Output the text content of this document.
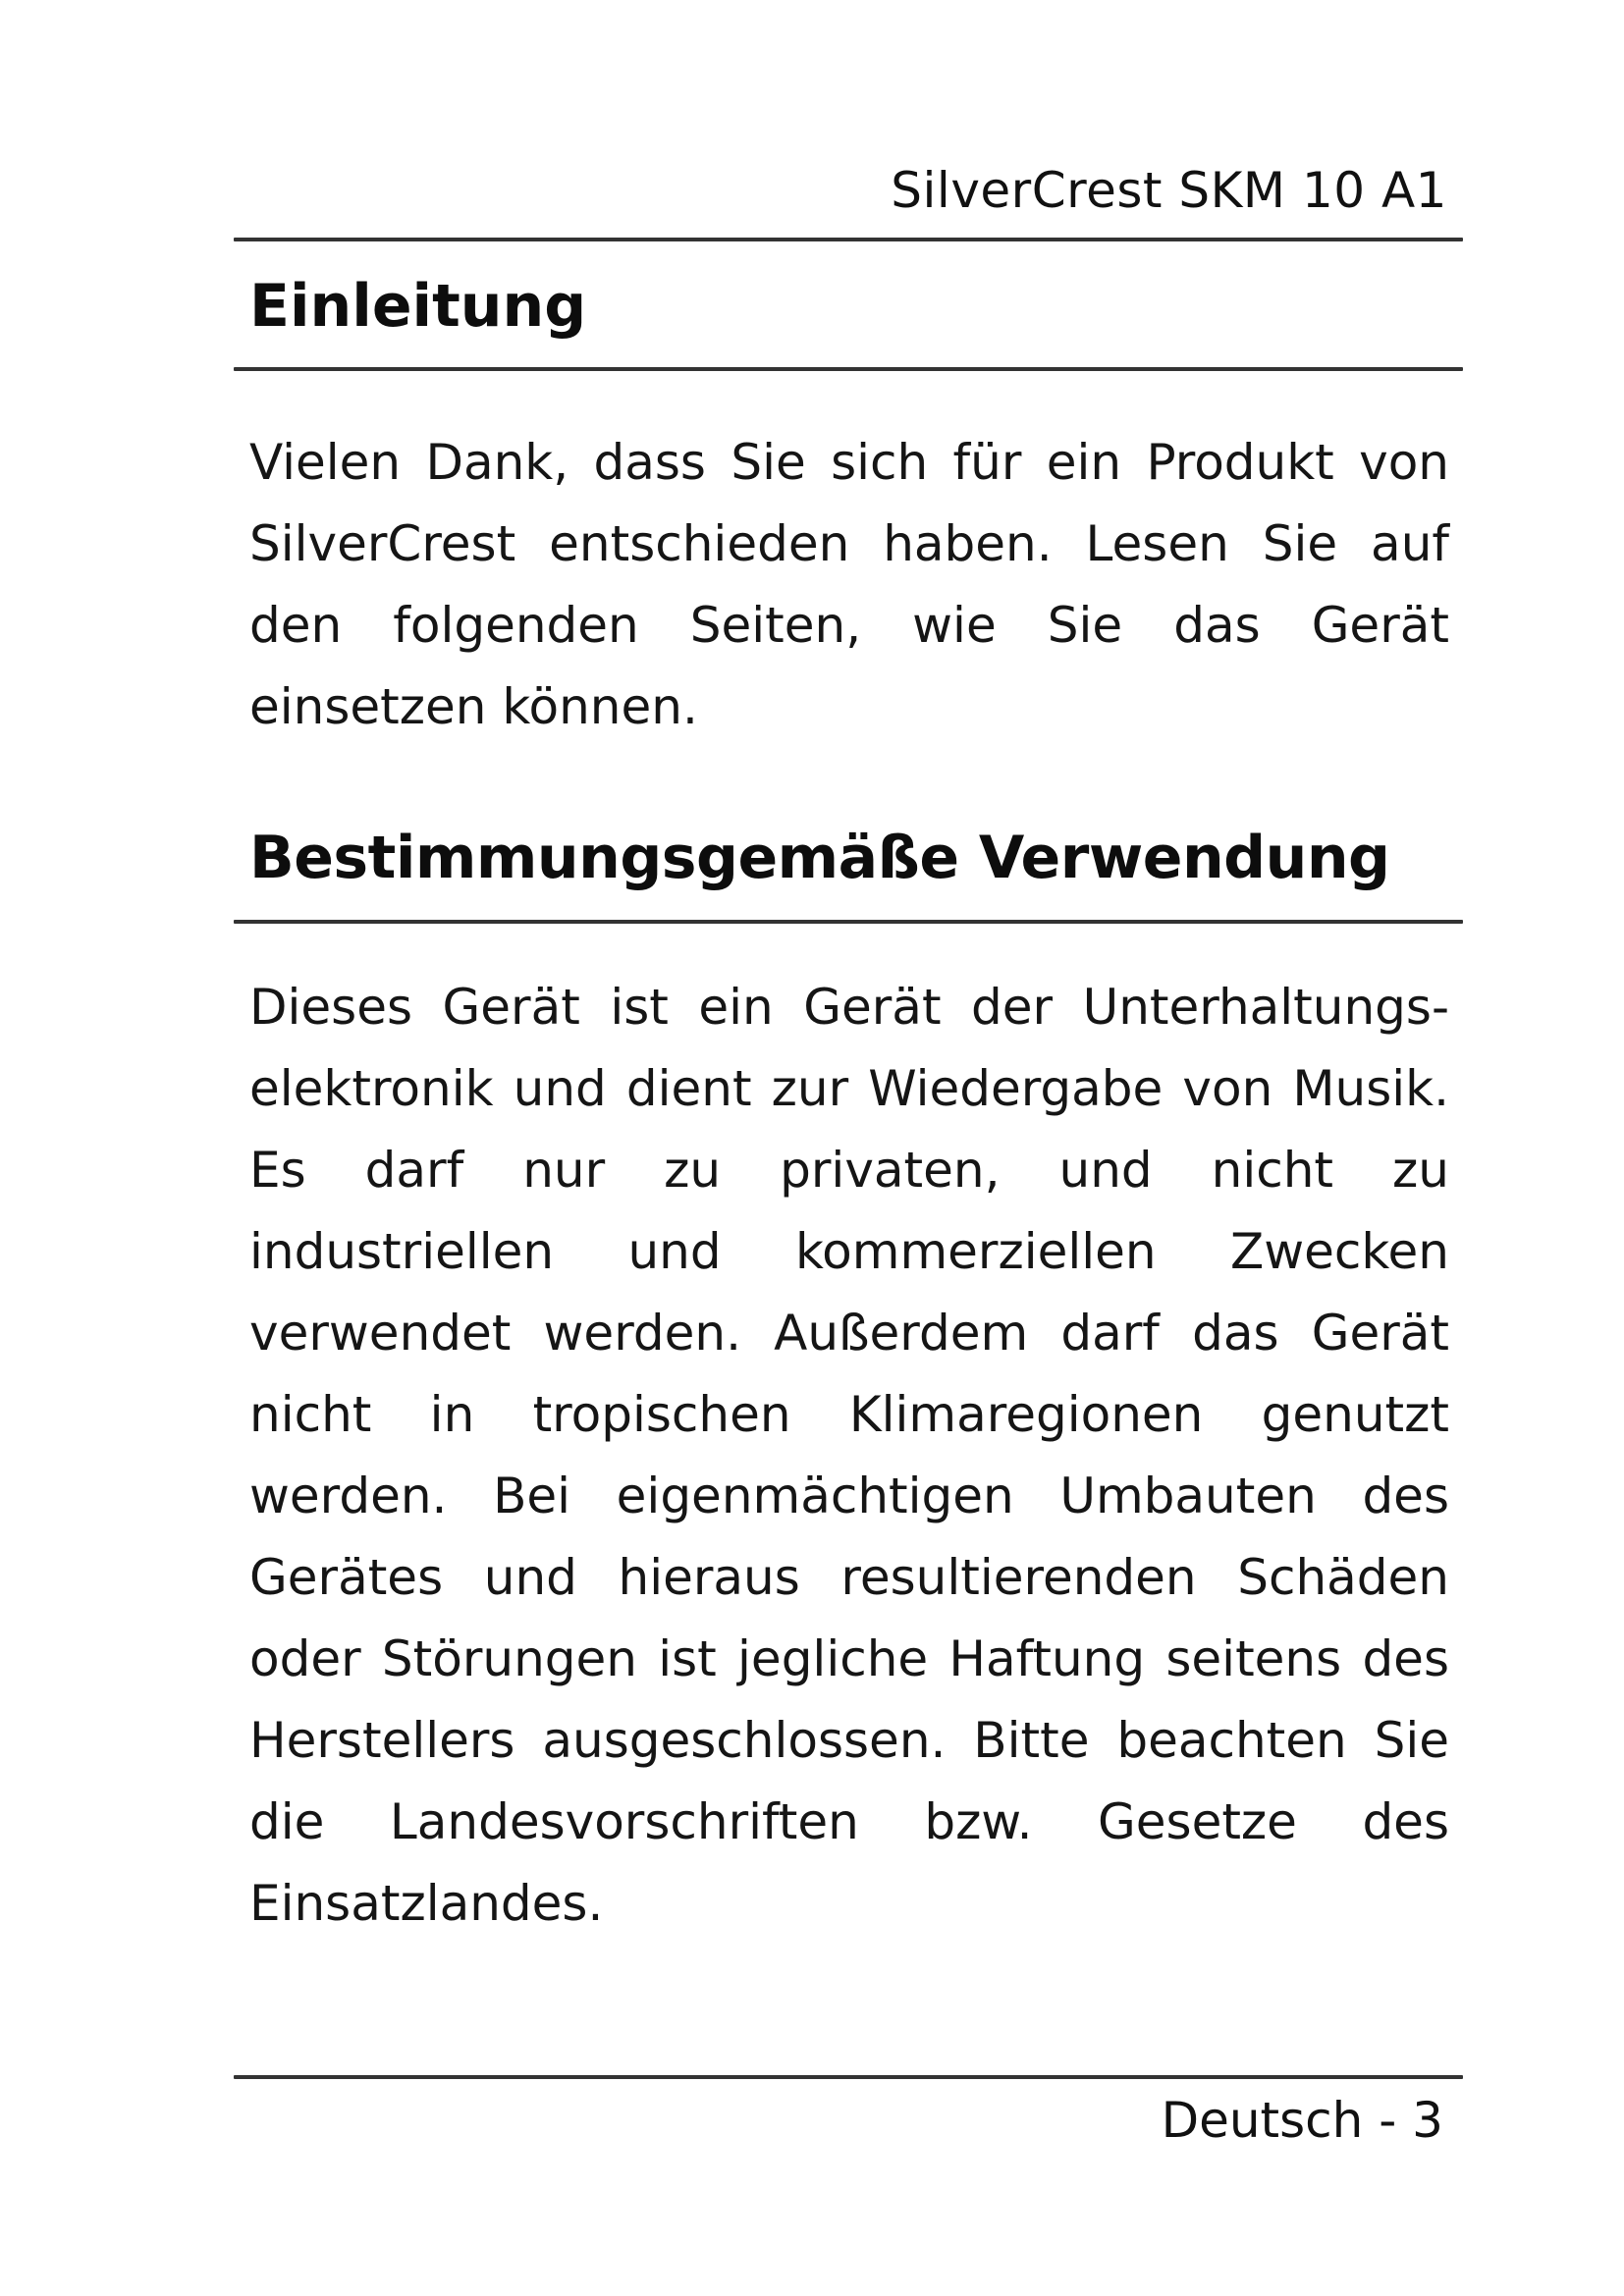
SilverCrest SKM 10 A1
Einleitung

Vielen Dank, dass Sie sich für ein Produkt von SilverCrest entschieden haben. Lesen Sie auf den folgenden Seiten, wie Sie das Gerät einsetzen können.

Bestimmungsgemäße Verwendung

Dieses Gerät ist ein Gerät der Unterhaltungs-elektronik und dient zur Wiedergabe von Musik. Es darf nur zu privaten, und nicht zu industriellen und kommerziellen Zwecken verwendet werden. Außerdem darf das Gerät nicht in tropischen Klimaregionen genutzt werden. Bei eigenmächtigen Umbauten des Gerätes und hieraus resultierenden Schäden oder Störungen ist jegliche Haftung seitens des Herstellers ausgeschlossen. Bitte beachten Sie die Landesvorschriften bzw. Gesetze des Einsatzlandes.

Deutsch - 3
